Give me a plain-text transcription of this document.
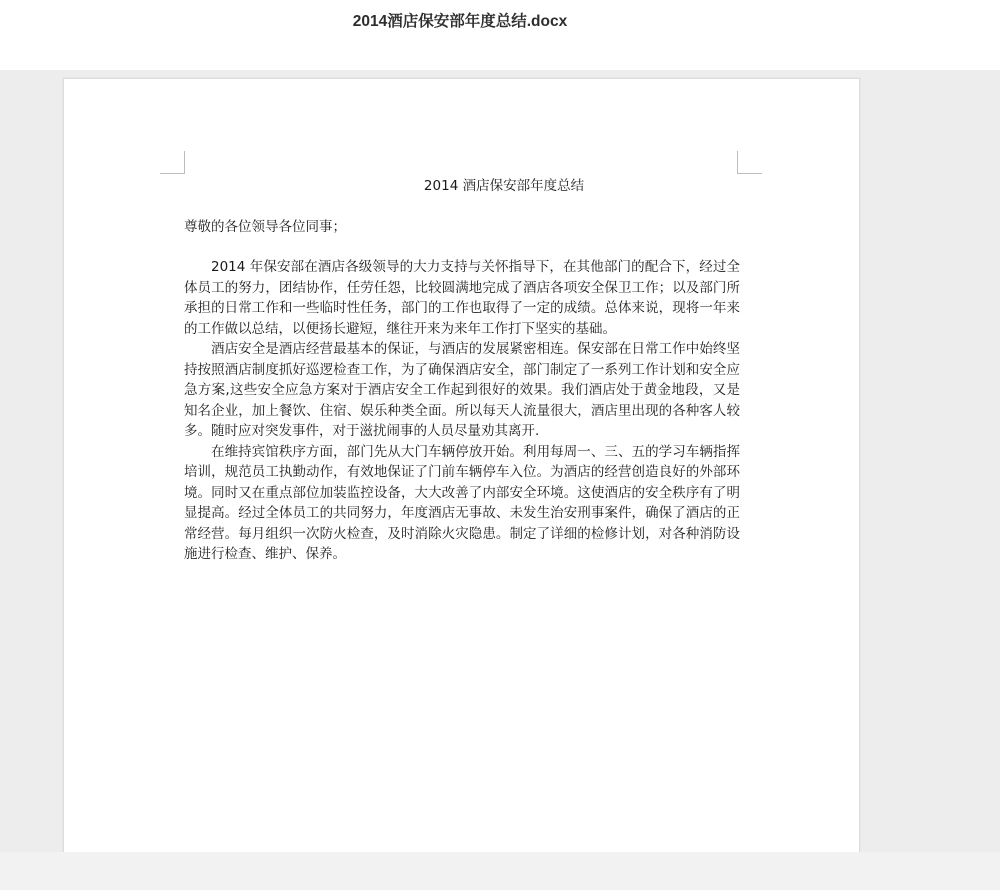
2014酒店保安部年度总结.docx
2014 酒店保安部年度总结
尊敬的各位领导各位同事；

2014 年保安部在酒店各级领导的大力支持与关怀指导下，在其他部门的配合下，经过全体员工的努力，团结协作，任劳任怨，比较圆满地完成了酒店各项安全保卫工作；以及部门所承担的日常工作和一些临时性任务，部门的工作也取得了一定的成绩。总体来说，现将一年来的工作做以总结，以便扬长避短，继往开来为来年工作打下坚实的基础。

酒店安全是酒店经营最基本的保证，与酒店的发展紧密相连。保安部在日常工作中始终坚持按照酒店制度抓好巡逻检查工作，为了确保酒店安全，部门制定了一系列工作计划和安全应急方案,这些安全应急方案对于酒店安全工作起到很好的效果。我们酒店处于黄金地段，又是知名企业，加上餐饮、住宿、娱乐种类全面。所以每天人流量很大，酒店里出现的各种客人较多。随时应对突发事件，对于滋扰闹事的人员尽量劝其离开.

在维持宾馆秩序方面，部门先从大门车辆停放开始。利用每周一、三、五的学习车辆指挥培训，规范员工执勤动作，有效地保证了门前车辆停车入位。为酒店的经营创造良好的外部环境。同时又在重点部位加装监控设备，大大改善了内部安全环境。这使酒店的安全秩序有了明显提高。经过全体员工的共同努力，年度酒店无事故、未发生治安刑事案件，确保了酒店的正常经营。每月组织一次防火检查，及时消除火灾隐患。制定了详细的检修计划，对各种消防设施进行检查、维护、保养。
